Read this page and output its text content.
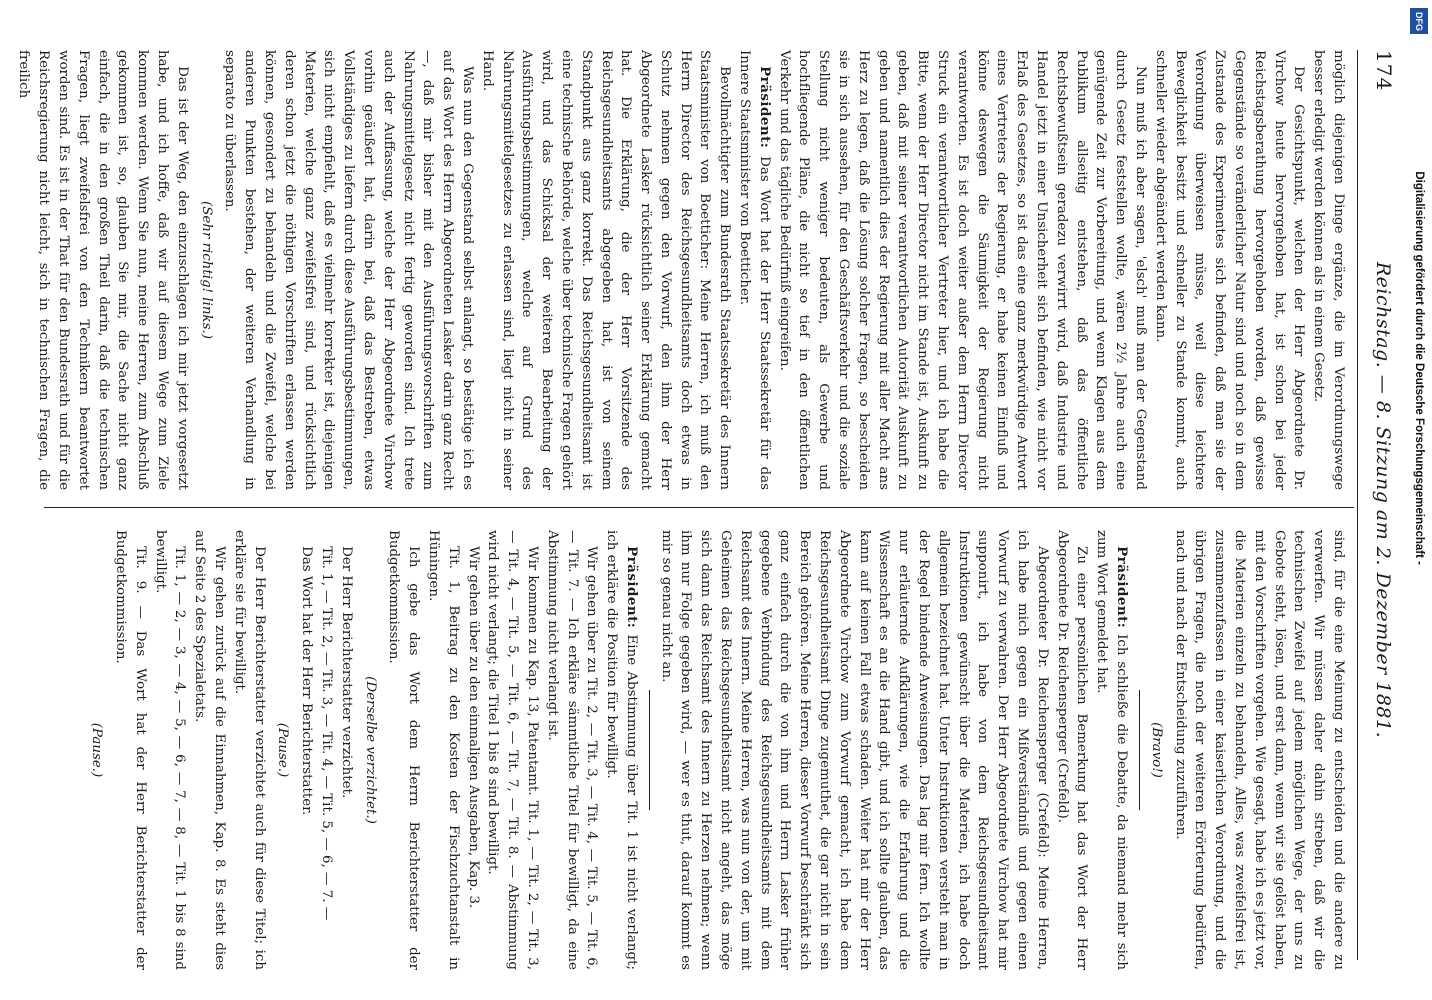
174
Reichstag. — 8. Sitzung am 2. Dezember 1881.

möglich diejenigen Dinge ergänze, die im Verordnungswege besser erledigt werden können als in einem Gesetz.

Der Gesichtspunkt, welchen der Herr Abgeordnete Dr. Virchow heute hervorgehoben hat, ist schon bei jeder Reichstagsberathung hervorgehoben worden, daß gewisse Gegenstände so veränderlicher Natur sind und noch so in dem Zustande des Experimentes sich befinden, daß man sie der Verordnung überweisen müsse, weil diese leichtere Beweglichkeit besitzt und schneller zu Stande kommt, auch schneller wieder abgeändert werden kann.

Nun muß ich aber sagen, 'elsch' muß man der Gegenstand durch Gesetz feststellen wollte, wären 2½ Jahre auch eine genügende Zeit zur Vorbereitung, und wenn Klagen aus dem Publikum allseitig entstehen, daß das öffentliche Rechtsbewußtsein geradezu verwirrt wird, daß Industrie und Handel jetzt in einer Unsicherheit sich befinden, wie nicht vor Erlaß des Gesetzes, so ist das eine ganz merkwürdige Antwort eines Vertreters der Regierung, er habe keinen Einfluß und könne deswegen die Säumigkeit der Regierung nicht verantworten. Es ist doch weiter außer dem Herrn Director Struck ein verantwortlicher Vertreter hier, und ich habe die Bitte, wenn der Herr Director nicht im Stande ist, Auskunft zu geben, daß mit seiner verantwortlichen Autorität Auskunft zu geben und namentlich dies der Regierung mit aller Macht ans Herz zu legen, daß die Lösung solcher Fragen, so bescheiden sie in sich aussehen, für den Geschäftsverkehr und die soziale Stellung nicht weniger bedeuten, als Gewerbe und hochfliegende Pläne, die nicht so tief in den öffentlichen Verkehr und das tägliche Bedürfniß eingreifen.

Präsident: Das Wort hat der Herr Staatssekretär für das Innere Staatsminister von Boetticher.

Bevollmächtigter zum Bundesrath Staatssekretär des Innern Staatsminister von Boetticher: Meine Herren, ich muß den Herrn Director des Reichsgesundheitsamts doch etwas in Schutz nehmen gegen den Vorwurf, den ihm der Herr Abgeordnete Lasker rücksichtlich seiner Erklärung gemacht hat. Die Erklärung, die der Herr Vorsitzende des Reichsgesundheitsamts abgegeben hat, ist von seinem Standpunkt aus ganz korrekt. Das Reichsgesundheitsamt ist eine technische Behörde, welche über technische Fragen gehört wird, und das Schicksal der weiteren Bearbeitung der Ausführungsbestimmungen, welche auf Grund des Nahrungsmittelgesetzes zu erlassen sind, liegt nicht in seiner Hand.

Was nun den Gegenstand selbst anlangt, so bestätige ich es auf das Wort des Herrn Abgeordneten Lasker darin ganz Recht —, daß mir bisher mit den Ausführungsvorschriften zum Nahrungsmittelgesetz nicht fertig geworden sind. Ich trete auch der Auffassung, welche der Herr Abgeordnete Virchow vorhin geäußert hat, darin bei, daß das Bestreben, etwas Vollständiges zu liefern durch diese Ausführungsbestimmungen, sich nicht empfiehlt, daß es vielmehr korrekter ist, diejenigen Materien, welche ganz zweifelsfrei sind, und rücksichtlich deren schon jetzt die nöthigen Vorschriften erlassen werden können, gesondert zu behandeln und die Zweifel, welche bei anderen Punkten bestehen, der weiteren Verhandlung in separato zu überlassen.

(Sehr richtig! links.)

Das ist der Weg, den einzuschlagen ich mir jetzt vorgesetzt habe, und ich hoffe, daß wir auf diesem Wege zum Ziele kommen werden. Wenn Sie nun, meine Herren, zum Abschluß gekommen ist, so, glauben Sie mir, die Sache nicht ganz einfach, die in den großen Theil darin, daß die technischen Fragen, liegt zweifelsfrei von den Technikern beantwortet worden sind. Es ist in der That für den Bundesrath und für die Reichsregierung nicht leicht, sich in technischen Fragen, die freilich

sind, für die eine Meinung zu entscheiden und die andere zu verwerfen. Wir müssen daher dahin streben, daß wir die technischen Zweifel auf jedem möglichen Wege, der uns zu Gebote steht, lösen, und erst dann, wenn wir sie gelöst haben, mit den Vorschriften vorgehen. Wie gesagt, habe ich es jetzt vor, die Materien einzeln zu behandeln, Alles, was zweifelsfrei ist, zusammenzufassen in einer kaiserlichen Verordnung, und die übrigen Fragen, die noch der weiteren Erörterung bedürfen, nach und nach der Entscheidung zuzuführen.

(Bravo!)

Präsident: Ich schließe die Debatte, da niemand mehr sich zum Wort gemeldet hat.

Zu einer persönlichen Bemerkung hat das Wort der Herr Abgeordnete Dr. Reichensperger (Crefeld).

Abgeordneter Dr. Reichensperger (Crefeld): Meine Herren, ich habe mich gegen ein Mißverständniß und gegen einen Vorwurf zu verwahren. Der Herr Abgeordnete Virchow hat mir supponirt, ich habe von dem Reichsgesundheitsamt Instruktionen gewünscht über die Materien, ich habe doch allgemein bezeichnet hat. Unter Instruktionen versteht man in der Regel bindende Anweisungen. Das lag mir fern. Ich wollte nur erläuternde Aufklärungen, wie die Erfahrung und die Wissenschaft es an die Hand gibt, und ich sollte glauben, das kann auf keinen Fall etwas schaden. Weiter hat mir der Herr Abgeordnete Virchow zum Vorwurf gemacht, ich habe dem Reichsgesundheitsamt Dinge zugemuthet, die gar nicht in sein Bereich gehören. Meine Herren, dieser Vorwurf beschränkt sich ganz einfach durch die von ihm und Herrn Lasker früher gegebene Verbindung des Reichsgesundheitsamts mit dem Reichsamt des Innern. Meine Herren, was nun von der, um mit Geheimen das Reichsgesundheitsamt nicht angeht, das möge sich dann das Reichsamt des Innern zu Herzen nehmen; wenn ihm nur Folge gegeben wird, — wer es thut, darauf kommt es mir so genau nicht an.

Präsident: Eine Abstimmung über Tit. 1 ist nicht verlangt; ich erkläre die Position für bewilligt.

Wir gehen über zu Tit. 2, — Tit. 3, — Tit. 4, — Tit. 5, — Tit. 6, — Tit. 7. — Ich erkläre sämmtliche Titel für bewilligt, da eine Abstimmung nicht verlangt ist.

Wir kommen zu Kap. 13, Patentamt. Tit. 1, — Tit. 2, — Tit. 3, — Tit. 4, — Tit. 5, — Tit. 6, — Tit. 7, — Tit. 8. — Abstimmung wird nicht verlangt; die Titel 1 bis 8 sind bewilligt.

Wir gehen über zu den einmaligen Ausgaben, Kap. 3.

Tit. 1, Beitrag zu den Kosten der Fischzuchtanstalt in Hüningen.

Ich gebe das Wort dem Herrn Berichterstatter der Budgetkommission.

(Derselbe verzichtet.)

Der Herr Berichterstatter verzichtet.

Tit. 1, — Tit. 2, — Tit. 3, — Tit. 4, — Tit. 5, — 6, — 7. —

Das Wort hat der Herr Berichterstatter.

(Pause.)

Der Herr Berichterstatter verzichtet auch für diese Titel; ich erkläre sie für bewilligt.

Wir gehen zurück auf die Einnahmen, Kap. 8. Es steht dies auf Seite 2 des Spezialetats.

Tit. 1, — 2, — 3, — 4, — 5, — 6, — 7, — 8, — Tit. 1 bis 8 sind bewilligt.

Tit. 9. — Das Wort hat der Herr Berichterstatter der Budgetkommission.

(Pause.)

Digitalisierung gefördert durch die Deutsche Forschungsgemeinschaft -
DFG
